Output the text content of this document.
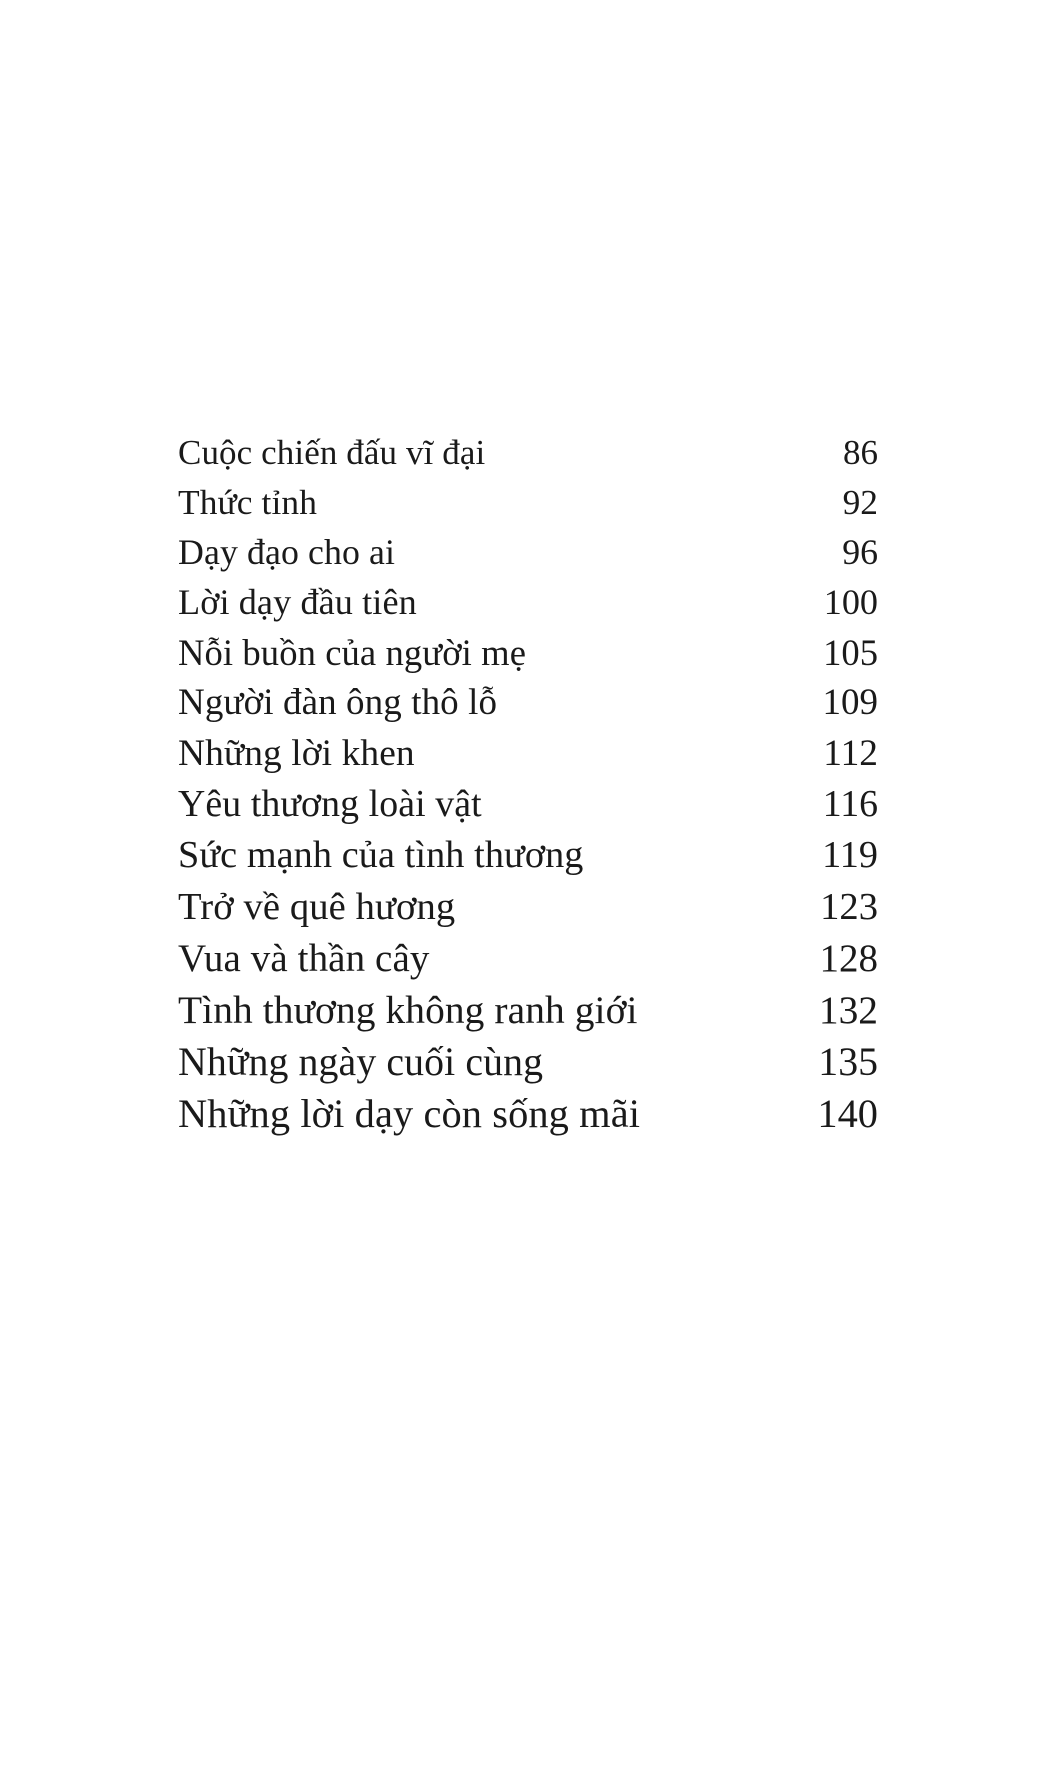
Cuộc chiến đấu vĩ đại	86
Thức tỉnh	92
Dạy đạo cho ai	96
Lời dạy đầu tiên	100
Nỗi buồn của người mẹ	105
Người đàn ông thô lỗ	109
Những lời khen	112
Yêu thương loài vật	116
Sức mạnh của tình thương	119
Trở về quê hương	123
Vua và thần cây	128
Tình thương không ranh giới	132
Những ngày cuối cùng	135
Những lời dạy còn sống mãi	140
